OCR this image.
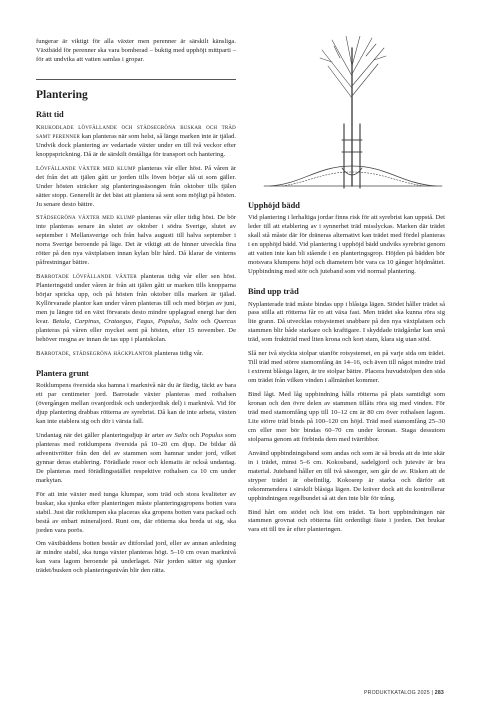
fungerar är viktigt för alla växter men perenner är särskilt känsliga. Växtbädd för perenner ska vara bomberad – buktig med upphöjt mittparti – för att undvika att vatten samlas i gropar.

Plantering
Rätt tid

Krukodlade lövfällande och städsegröna buskar och träd samt perenner kan planteras när som helst, så länge marken inte är tjälad. Undvik dock plantering av vedartade växter under en till två veckor efter knoppsprickning. Då är de särskilt ömtåliga för transport och hantering.

Lövfällande växter med klump planteras vår eller höst. På våren är det från det att tjälen gått ur jorden tills löven börjar slå ut som gäller. Under hösten sträcker sig planteringssäsongen från oktober tills tjälen sätter stopp. Generellt är det bäst att plantera så sent som möjligt på hösten. Ju senare desto bättre.

Städsegröna växter med klump planteras vår eller tidig höst. De bör inte planteras senare än slutet av oktober i södra Sverige, slutet av september i Mellansverige och från halva augusti till halva september i norra Sverige beroende på läge. Det är viktigt att de hinner utveckla fina rötter på den nya växtplatsen innan kylan blir hård. Då klarar de vinterns påfrestningar bättre.

Barrotade lövfällande växter planteras tidig vår eller sen höst. Planteringstid under våren är från att tjälen gått ur marken tills knopparna börjar spricka upp, och på hösten från oktober tills marken är tjälad. Kyllörvarade plantor kan under våren planteras till och med början av juni, men ju längre tid en växt förvarats desto mindre upplagrad energi har den kvar. Betula, Carpinus, Crataegus, Fagus, Populus, Salix och Quercus planteras på våren eller mycket sent på hösten, efter 15 november. De behöver mogna av innan de tas upp i plantskolan.

Barrotade, städsegröna häckplantor planteras tidig vår.

Plantera grunt

Rotklumpens översida ska hamna i marknivå när du är färdig, täckt av bara ett par centimeter jord. Barrotade växter planteras med rothalsen (övergången mellan ovanjordisk och underjordisk del) i marknivå. Vid för djup plantering drabbas rötterna av syrebrist. Då kan de inte arbeta, växten kan inte etablera sig och dör i värsta fall.

Undantag när det gäller planteringsdjup är arter av Salix och Populus som planteras med rotklumpens översida på 10–20 cm djup. De bildar då adventivrötter från den del av stammen som hamnar under jord, vilket gynnar deras etablering. Förädlade rosor och klematis är också undantag. De planteras med förädlingsstället respektive rothalsen ca 10 cm under markytan.

För att inte växter med tunga klumpar, som träd och stora kvaliteter av buskar, ska sjunka efter planteringen måste planteringsgropens botten vara stabil. Just där rotklumpen ska placeras ska gropens botten vara packad och bestå av enbart mineraljord. Runt om, där rötterna ska breda ut sig, ska jorden vara porös.

Om växtbäddens botten består av ditforslad jord, eller av annan anledning är mindre stabil, ska tunga växter planteras högt. 5–10 cm ovan marknivå kan vara lagom beroende på underlaget. När jorden sätter sig sjunker trädet/busken och planteringsnivån blir den rätta.

Upphöjd bädd

Vid plantering i lerhaltiga jordar finns risk för att syrebrist kan uppstå. Det leder till att etablering av i synnerhet träd misslyckas. Marken där trädet skall stå måste där för dräneras alternativt kan trädet med fördel planteras i en upphöjd bädd. Vid plantering i upphöjd bädd undviks syrebrist genom att vatten inte kan bli stående i en planteringsgrop. Höjden på bädden bör motsvara klumpens höjd och diametern bör vara ca 10 gånger höjdmåttet. Uppbindning med stör och juteband som vid normal plantering.

Bind upp träd

Nyplanterade träd måste bindas upp i blåsiga lägen. Stödet håller trädet så pass stilla att rötterna får ro att växa fast. Men trädet ska kunna röra sig lite grann. Då utvecklas rotsystemet snabbare på den nya växtplatsen och stammen blir både starkare och kraftigare. I skyddade trädgårdar kan små träd, som fruktträd med liten krona och kort stam, klara sig utan stöd.

Slå ner två styckta stolpar utanför rotsystemet, en på varje sida om trädet. Till träd med större stamomfång än 14–16, och även till något mindre träd i extremt blåsiga lägen, är tre stolpar bättre. Placera huvudstolpen den sida om trädet från vilken vinden i allmänhet kommer.

Bind lågt. Med låg uppbindning hålls rötterna på plats samtidigt som kronan och den övre delen av stammen tillåts röra sig med vinden. För träd med stamomfång upp till 10–12 cm är 80 cm över rothalsen lagom. Lite större träd binds på 100–120 cm höjd. Träd med stamomfång 25–30 cm eller mer bör bindas 60–70 cm under kronan. Staga dessutom stolparna genom att förbinda dem med tvärribbor.

Använd uppbindningsband som andas och som är så breda att de inte skär in i trädet, minst 5–6 cm. Kokosband, sadelgjord och juteväv är bra material. Juteband håller en till två säsonger, sen går de av. Risken att de stryper trädet är obefintlig. Kokosrep är starka och därför att rekommendera i särskilt blåsiga lägen. De kräver dock att du kontrollerar uppbindningen regelbundet så att den inte blir för trång.

Bind hårt om stödet och löst om trädet. Ta bort uppbindningen när stammen grovnat och rötterna fått ordentligt fäste i jorden. Det brukar vara ett till tre år efter planteringen.

PRODUKTKATALOG 2025 | 283
